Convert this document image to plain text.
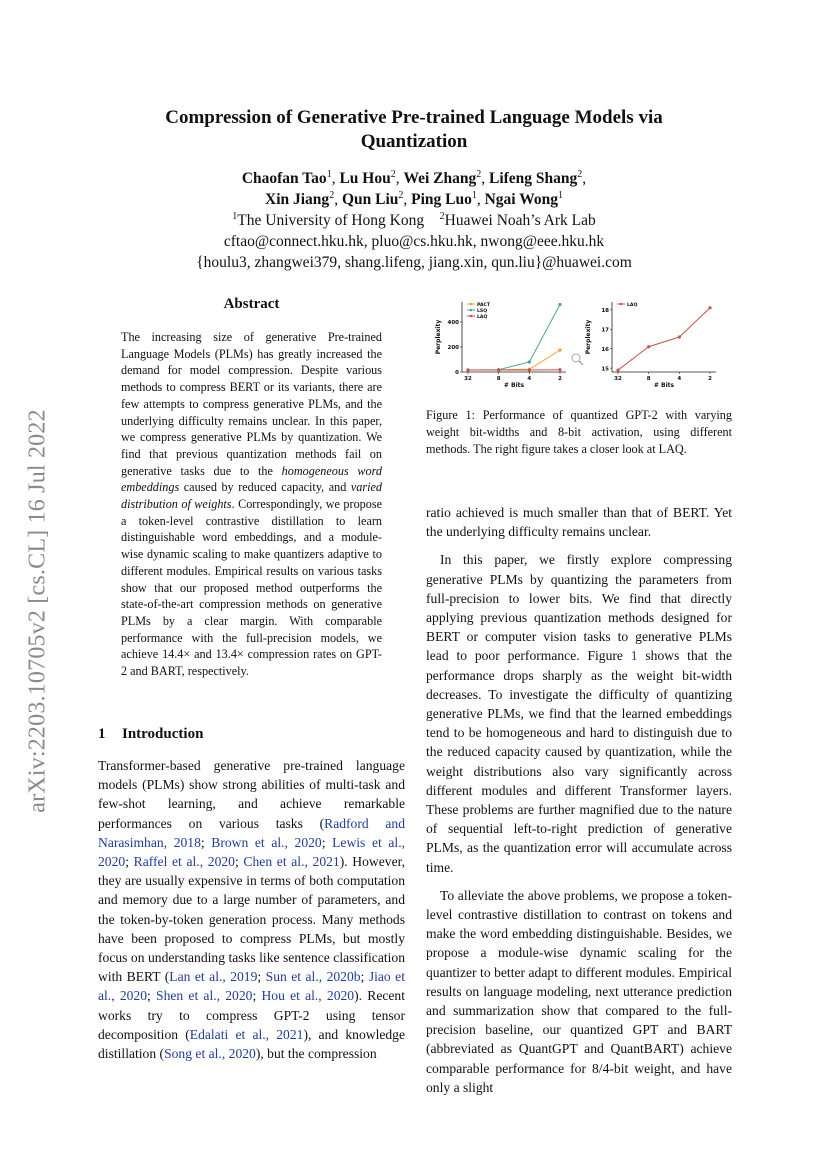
arXiv:2203.10705v2 [cs.CL] 16 Jul 2022
Compression of Generative Pre-trained Language Models via
Quantization
Chaofan Tao$^1$, Lu Hou$^2$, Wei Zhang$^2$, Lifeng Shang$^2$,
Xin Jiang$^2$, Qun Liu$^2$, Ping Luo$^1$, Ngai Wong$^1$
$^1$The University of Hong Kong $^2$Huawei Noah’s Ark Lab
cftao@connect.hku.hk, pluo@cs.hku.hk, nwong@eee.hku.hk
{houlu3, zhangwei379, shang.lifeng, jiang.xin, qun.liu}@huawei.com
Abstract
The increasing size of generative Pre-trained Language Models (PLMs) has greatly increased the demand for model compression. Despite various methods to compress BERT or its variants, there are few attempts to compress generative PLMs, and the underlying difficulty remains unclear. In this paper, we compress generative PLMs by quantization. We find that previous quantization methods fail on generative tasks due to the homogeneous word embeddings caused by reduced capacity, and varied distribution of weights. Correspondingly, we propose a token-level contrastive distillation to learn distinguishable word embeddings, and a module-wise dynamic scaling to make quantizers adaptive to different modules. Empirical results on various tasks show that our proposed method outperforms the state-of-the-art compression methods on generative PLMs by a clear margin. With comparable performance with the full-precision models, we achieve 14.4× and 13.4× compression rates on GPT-2 and BART, respectively.
1 Introduction
Transformer-based generative pre-trained language models (PLMs) show strong abilities of multi-task and few-shot learning, and achieve remarkable performances on various tasks (Radford and Narasimhan, 2018; Brown et al., 2020; Lewis et al., 2020; Raffel et al., 2020; Chen et al., 2021). However, they are usually expensive in terms of both computation and memory due to a large number of parameters, and the token-by-token generation process. Many methods have been proposed to compress PLMs, but mostly focus on understanding tasks like sentence classification with BERT (Lan et al., 2019; Sun et al., 2020b; Jiao et al., 2020; Shen et al., 2020; Hou et al., 2020). Recent works try to compress GPT-2 using tensor decomposition (Edalati et al., 2021), and knowledge distillation (Song et al., 2020), but the compression
0
200
400
32	8	4	2
# Bits
Perplexity
PACT
LSQ
LAQ
15
16
17
18
32	8	4	2
# Bits
Perplexity
LAQ
Figure 1: Performance of quantized GPT-2 with varying weight bit-widths and 8-bit activation, using different methods. The right figure takes a closer look at LAQ.

ratio achieved is much smaller than that of BERT. Yet the underlying difficulty remains unclear.

In this paper, we firstly explore compressing generative PLMs by quantizing the parameters from full-precision to lower bits. We find that directly applying previous quantization methods designed for BERT or computer vision tasks to generative PLMs lead to poor performance. Figure 1 shows that the performance drops sharply as the weight bit-width decreases. To investigate the difficulty of quantizing generative PLMs, we find that the learned embeddings tend to be homogeneous and hard to distinguish due to the reduced capacity caused by quantization, while the weight distributions also vary significantly across different modules and different Transformer layers. These problems are further magnified due to the nature of sequential left-to-right prediction of generative PLMs, as the quantization error will accumulate across time.

To alleviate the above problems, we propose a token-level contrastive distillation to contrast on tokens and make the word embedding distinguishable. Besides, we propose a module-wise dynamic scaling for the quantizer to better adapt to different modules. Empirical results on language modeling, next utterance prediction and summarization show that compared to the full-precision baseline, our quantized GPT and BART (abbreviated as QuantGPT and QuantBART) achieve comparable performance for 8/4-bit weight, and have only a slight
